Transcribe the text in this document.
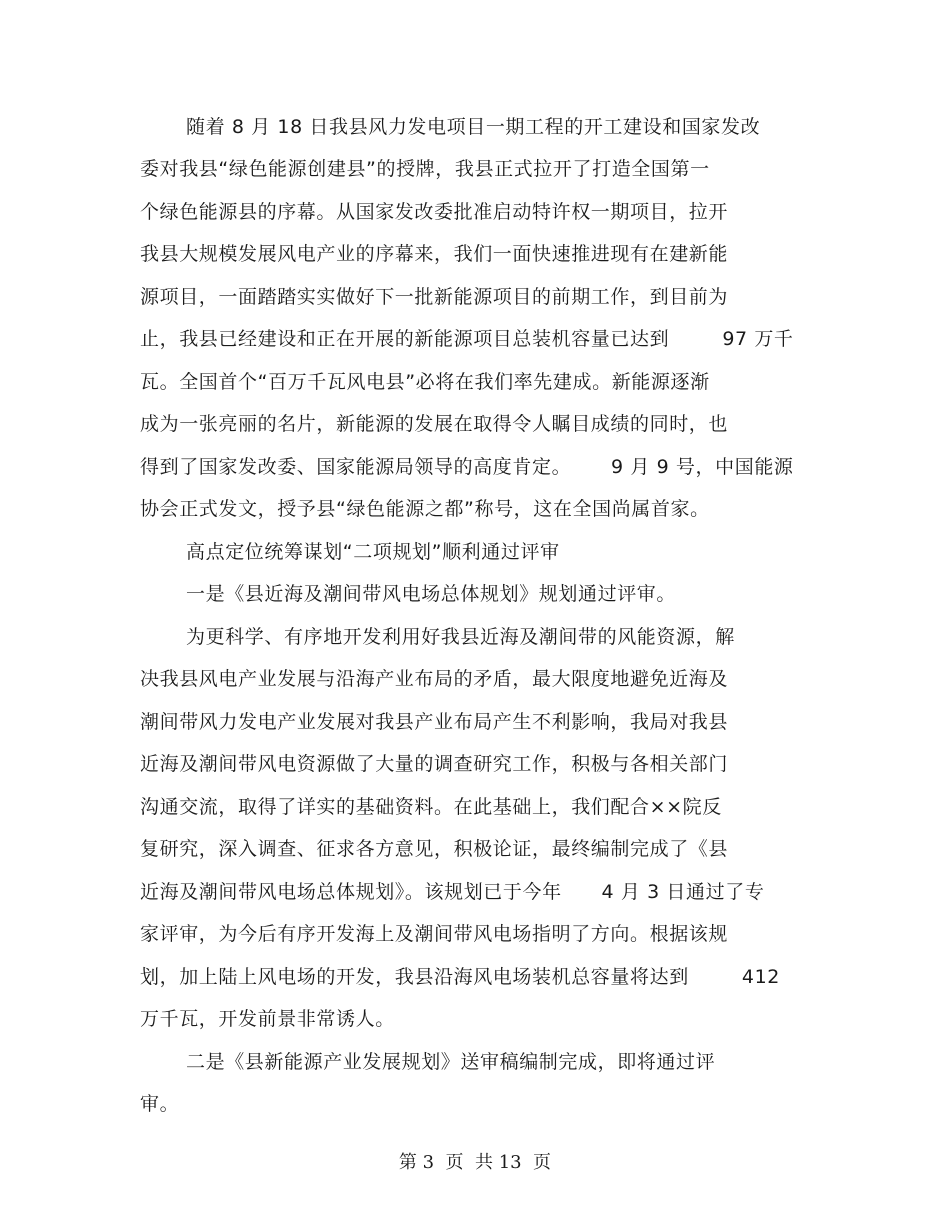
随着 8 月 18 日我县风力发电项目一期工程的开工建设和国家发改
委对我县“绿色能源创建县”的授牌，我县正式拉开了打造全国第一
个绿色能源县的序幕。从国家发改委批准启动特许权一期项目，拉开
我县大规模发展风电产业的序幕来，我们一面快速推进现有在建新能
源项目，一面踏踏实实做好下一批新能源项目的前期工作，到目前为
止，我县已经建设和正在开展的新能源项目总装机容量已达到        97 万千
瓦。全国首个“百万千瓦风电县”必将在我们率先建成。新能源逐渐
成为一张亮丽的名片，新能源的发展在取得令人瞩目成绩的同时，也
得到了国家发改委、国家能源局领导的高度肯定。      9 月 9 号，中国能源
协会正式发文，授予县“绿色能源之都”称号，这在全国尚属首家。
高点定位统筹谋划“二项规划”顺利通过评审
一是《县近海及潮间带风电场总体规划》规划通过评审。
为更科学、有序地开发利用好我县近海及潮间带的风能资源，解
决我县风电产业发展与沿海产业布局的矛盾，最大限度地避免近海及
潮间带风力发电产业发展对我县产业布局产生不利影响，我局对我县
近海及潮间带风电资源做了大量的调查研究工作，积极与各相关部门
沟通交流，取得了详实的基础资料。在此基础上，我们配合××院反
复研究，深入调查、征求各方意见，积极论证，最终编制完成了《县
近海及潮间带风电场总体规划》。该规划已于今年      4 月 3 日通过了专
家评审，为今后有序开发海上及潮间带风电场指明了方向。根据该规
划，加上陆上风电场的开发，我县沿海风电场装机总容量将达到        412
万千瓦，开发前景非常诱人。
二是《县新能源产业发展规划》送审稿编制完成，即将通过评
审。
第 3  页  共 13  页
